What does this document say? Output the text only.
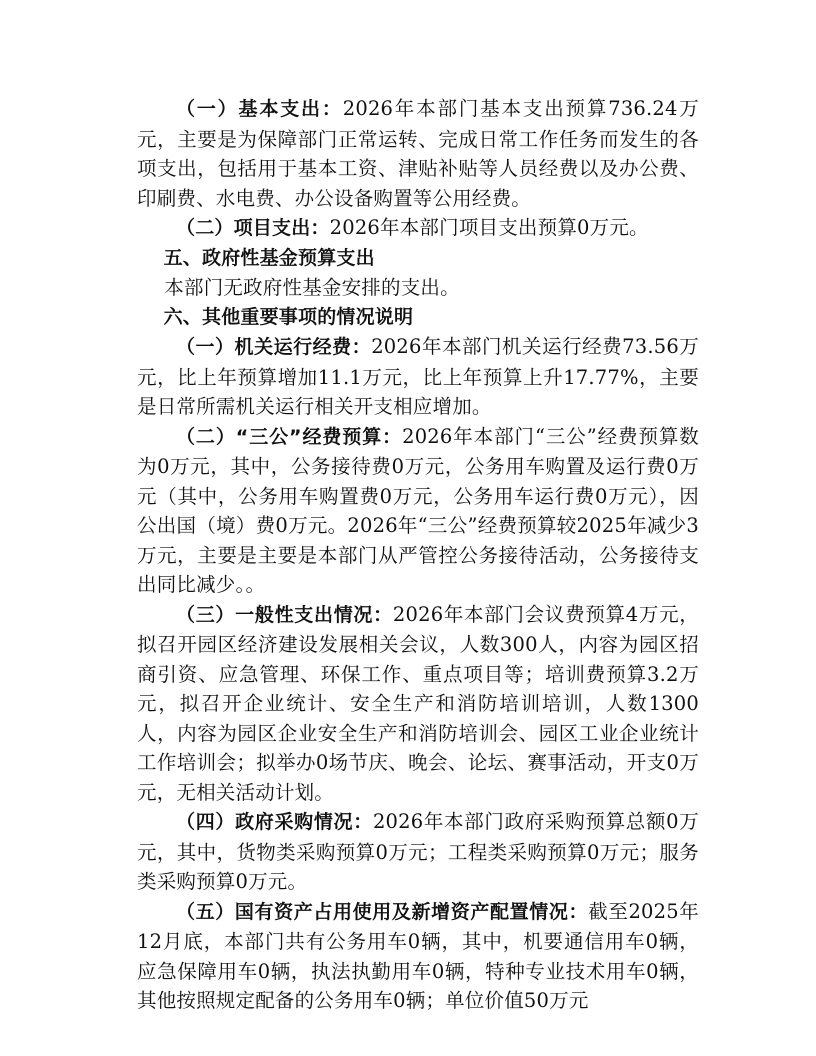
（一）基本支出：2026年本部门基本支出预算736.24万元，主要是为保障部门正常运转、完成日常工作任务而发生的各项支出，包括用于基本工资、津贴补贴等人员经费以及办公费、印刷费、水电费、办公设备购置等公用经费。

（二）项目支出：2026年本部门项目支出预算0万元。

五、政府性基金预算支出

本部门无政府性基金安排的支出。

六、其他重要事项的情况说明

（一）机关运行经费：2026年本部门机关运行经费73.56万元，比上年预算增加11.1万元，比上年预算上升17.77%，主要是日常所需机关运行相关开支相应增加。

（二）“三公”经费预算：2026年本部门“三公”经费预算数为0万元，其中，公务接待费0万元，公务用车购置及运行费0万元（其中，公务用车购置费0万元，公务用车运行费0万元），因公出国（境）费0万元。2026年“三公”经费预算较2025年减少3万元，主要是主要是本部门从严管控公务接待活动，公务接待支出同比减少。。

（三）一般性支出情况：2026年本部门会议费预算4万元，拟召开园区经济建设发展相关会议，人数300人，内容为园区招商引资、应急管理、环保工作、重点项目等；培训费预算3.2万元，拟召开企业统计、安全生产和消防培训培训，人数1300人，内容为园区企业安全生产和消防培训会、园区工业企业统计工作培训会；拟举办0场节庆、晚会、论坛、赛事活动，开支0万元，无相关活动计划。

（四）政府采购情况：2026年本部门政府采购预算总额0万元，其中，货物类采购预算0万元；工程类采购预算0万元；服务类采购预算0万元。

（五）国有资产占用使用及新增资产配置情况：截至2025年12月底，本部门共有公务用车0辆，其中，机要通信用车0辆，应急保障用车0辆，执法执勤用车0辆，特种专业技术用车0辆，其他按照规定配备的公务用车0辆；单位价值50万元
